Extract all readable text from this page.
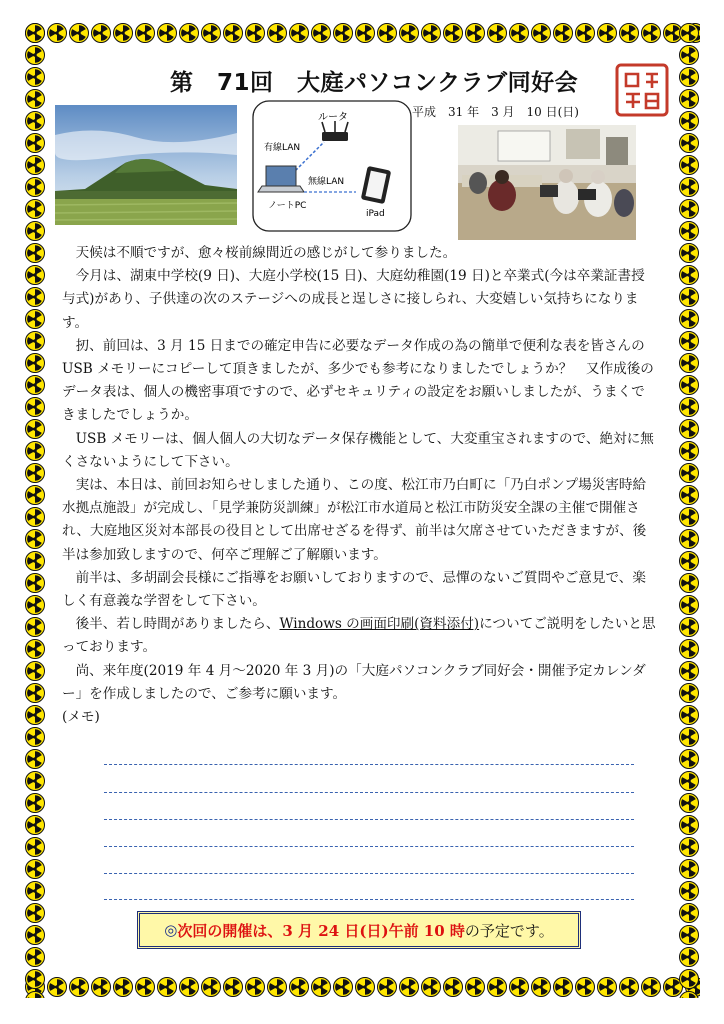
第　71回　大庭パソコンクラブ同好会
平成　31 年　3 月　10 日(日)
ルータ
有線LAN
無線LAN
ノートPC
iPad

天候は不順ですが、愈々桜前線間近の感じがして参りました。

今月は、湖東中学校(9 日)、大庭小学校(15 日)、大庭幼稚園(19 日)と卒業式(今は卒業証書授与式)があり、子供達の次のステージへの成長と逞しさに接しられ、大変嬉しい気持ちになります。

扨、前回は、3 月 15 日までの確定申告に必要なデータ作成の為の簡単で便利な表を皆さんの USB メモリーにコピーして頂きましたが、多少でも参考になりましたでしょうか？　又作成後のデータ表は、個人の機密事項ですので、必ずセキュリティの設定をお願いしましたが、うまくできましたでしょうか。

USB メモリーは、個人個人の大切なデータ保存機能として、大変重宝されますので、絶対に無くさないようにして下さい。

実は、本日は、前回お知らせしました通り、この度、松江市乃白町に「乃白ポンプ場災害時給水拠点施設」が完成し、「見学兼防災訓練」が松江市水道局と松江市防災安全課の主催で開催され、大庭地区災対本部長の役目として出席せざるを得ず、前半は欠席させていただきますが、後半は参加致しますので、何卒ご理解ご了解願います。

前半は、多胡副会長様にご指導をお願いしておりますので、忌憚のないご質問やご意見で、楽しく有意義な学習をして下さい。

後半、若し時間がありましたら、Windows の画面印刷(資料添付)についてご説明をしたいと思っております。

尚、来年度(2019 年 4 月～2020 年 3 月)の「大庭パソコンクラブ同好会・開催予定カレンダー」を作成しましたので、ご参考に願います。

(メモ)

◎ 次回の開催は、 3 月 24 日(日)午前 10 時 の予定です。
